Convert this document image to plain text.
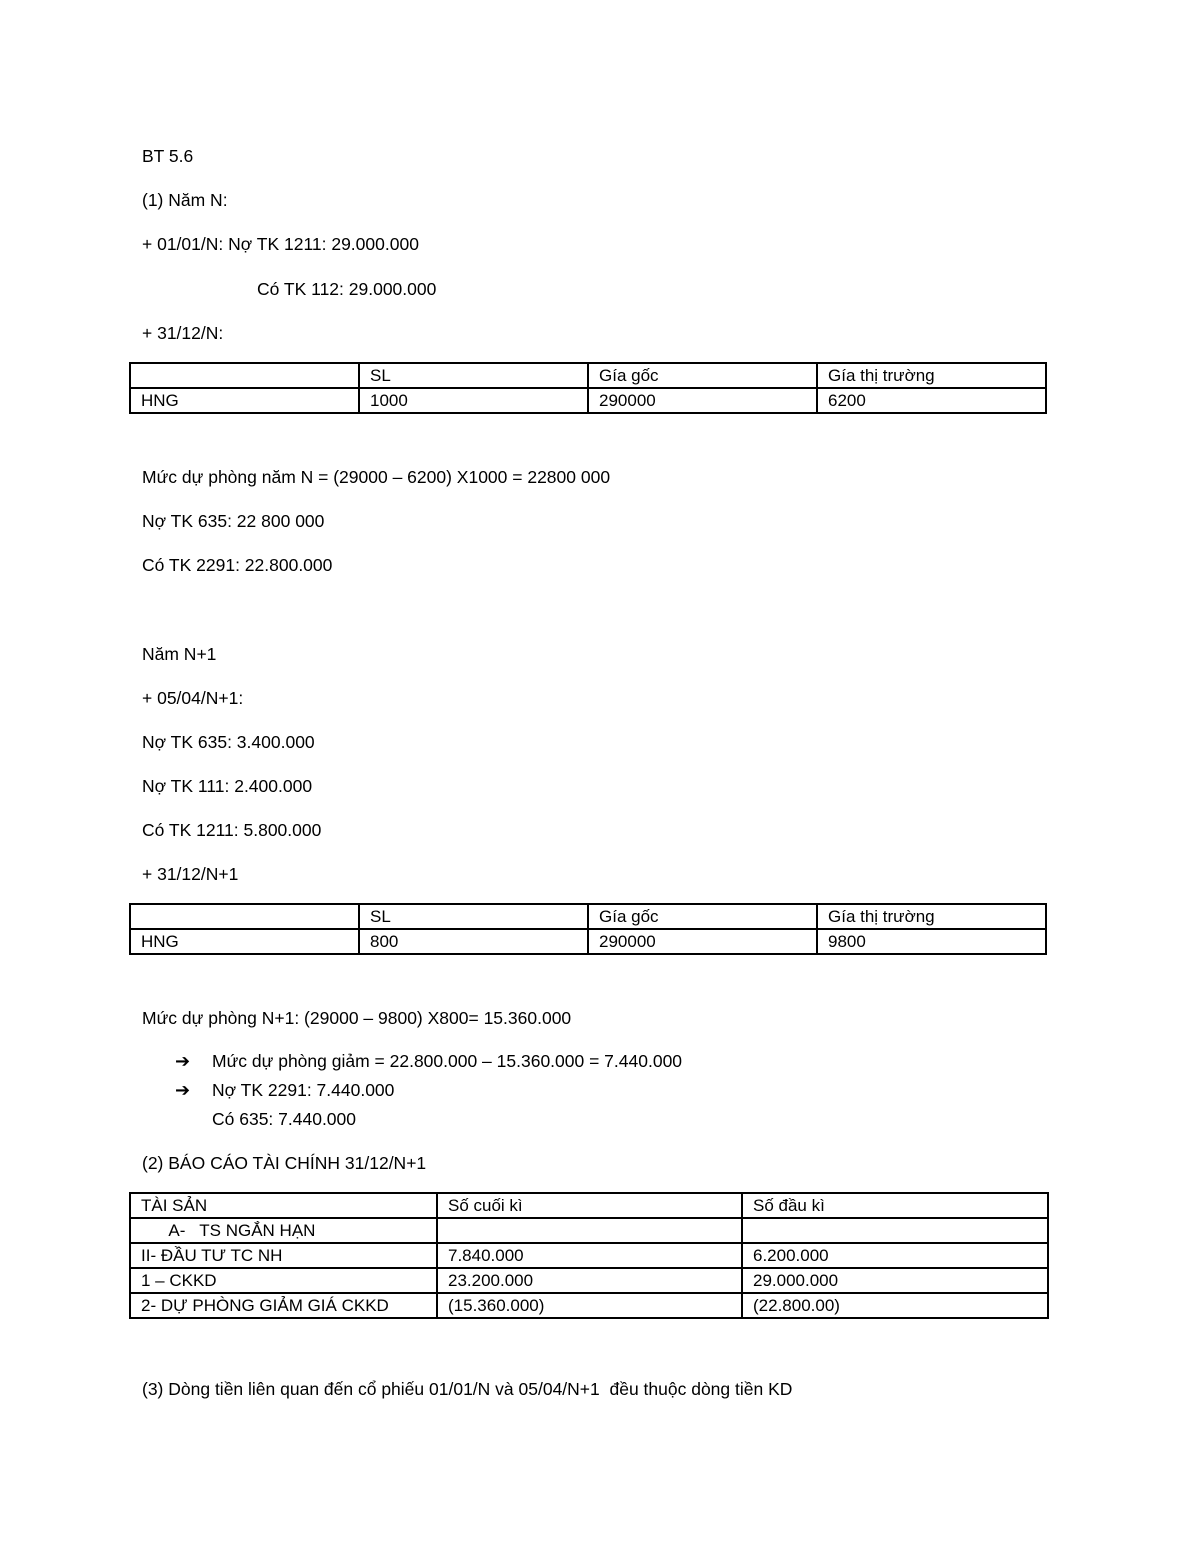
BT 5.6
(1) Năm N:
+ 01/01/N: Nợ TK 1211: 29.000.000
Có TK 112: 29.000.000
+ 31/12/N:
	SL	Gía gốc	Gía thị trường
HNG	1000	290000	6200
Mức dự phòng năm N = (29000 – 6200) X1000 = 22800 000
Nợ TK 635: 22 800 000
Có TK 2291: 22.800.000
Năm N+1
+ 05/04/N+1:
Nợ TK 635: 3.400.000
Nợ TK 111: 2.400.000
Có TK 1211: 5.800.000
+ 31/12/N+1
	SL	Gía gốc	Gía thị trường
HNG	800	290000	9800
Mức dự phòng N+1: (29000 – 9800) X800= 15.360.000
➔ Mức dự phòng giảm = 22.800.000 – 15.360.000 = 7.440.000
➔ Nợ TK 2291: 7.440.000
Có 635: 7.440.000
(2) BÁO CÁO TÀI CHÍNH 31/12/N+1
TÀI SẢN	Số cuối kì	Số đầu kì
A-   TS NGẮN HẠN		
II- ĐẦU TƯ TC NH	7.840.000	6.200.000
1 – CKKD	23.200.000	29.000.000
2- DỰ PHÒNG GIẢM GIÁ CKKD	(15.360.000)	(22.800.00)
(3) Dòng tiền liên quan đến cổ phiếu 01/01/N và 05/04/N+1  đều thuộc dòng tiền KD
